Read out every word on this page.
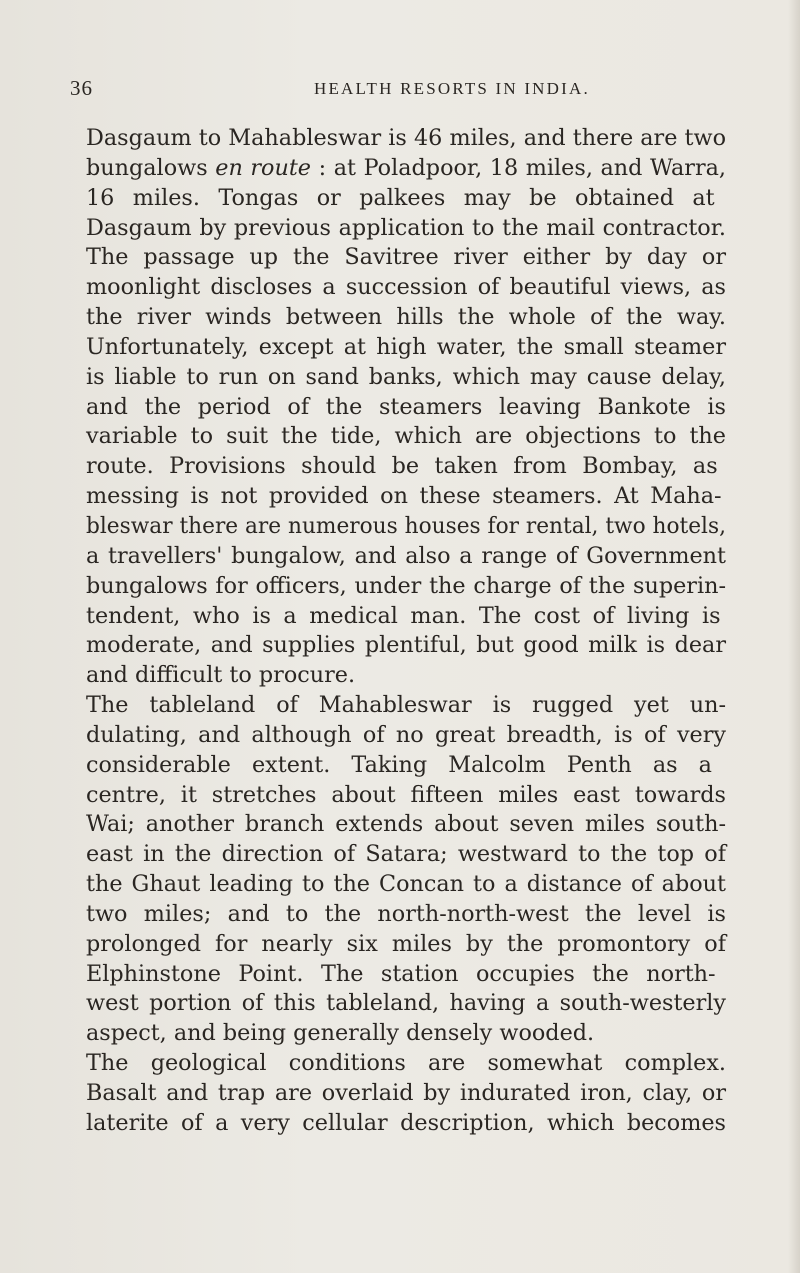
36	HEALTH RESORTS IN INDIA.
Dasgaum to Mahableswar is 46 miles, and there are two
bungalows en route : at Poladpoor, 18 miles, and Warra,
16 miles. Tongas or palkees may be obtained at
Dasgaum by previous application to the mail contractor.
The passage up the Savitree river either by day or
moonlight discloses a succession of beautiful views, as
the river winds between hills the whole of the way.
Unfortunately, except at high water, the small steamer
is liable to run on sand banks, which may cause delay,
and the period of the steamers leaving Bankote is
variable to suit the tide, which are objections to the
route. Provisions should be taken from Bombay, as
messing is not provided on these steamers. At Maha-
bleswar there are numerous houses for rental, two hotels,
a travellers' bungalow, and also a range of Government
bungalows for officers, under the charge of the superin-
tendent, who is a medical man. The cost of living is
moderate, and supplies plentiful, but good milk is dear
and difficult to procure.
The tableland of Mahableswar is rugged yet un-
dulating, and although of no great breadth, is of very
considerable extent. Taking Malcolm Penth as a
centre, it stretches about fifteen miles east towards
Wai; another branch extends about seven miles south-
east in the direction of Satara; westward to the top of
the Ghaut leading to the Concan to a distance of about
two miles; and to the north-north-west the level is
prolonged for nearly six miles by the promontory of
Elphinstone Point. The station occupies the north-
west portion of this tableland, having a south-westerly
aspect, and being generally densely wooded.
The geological conditions are somewhat complex.
Basalt and trap are overlaid by indurated iron, clay, or
laterite of a very cellular description, which becomes
